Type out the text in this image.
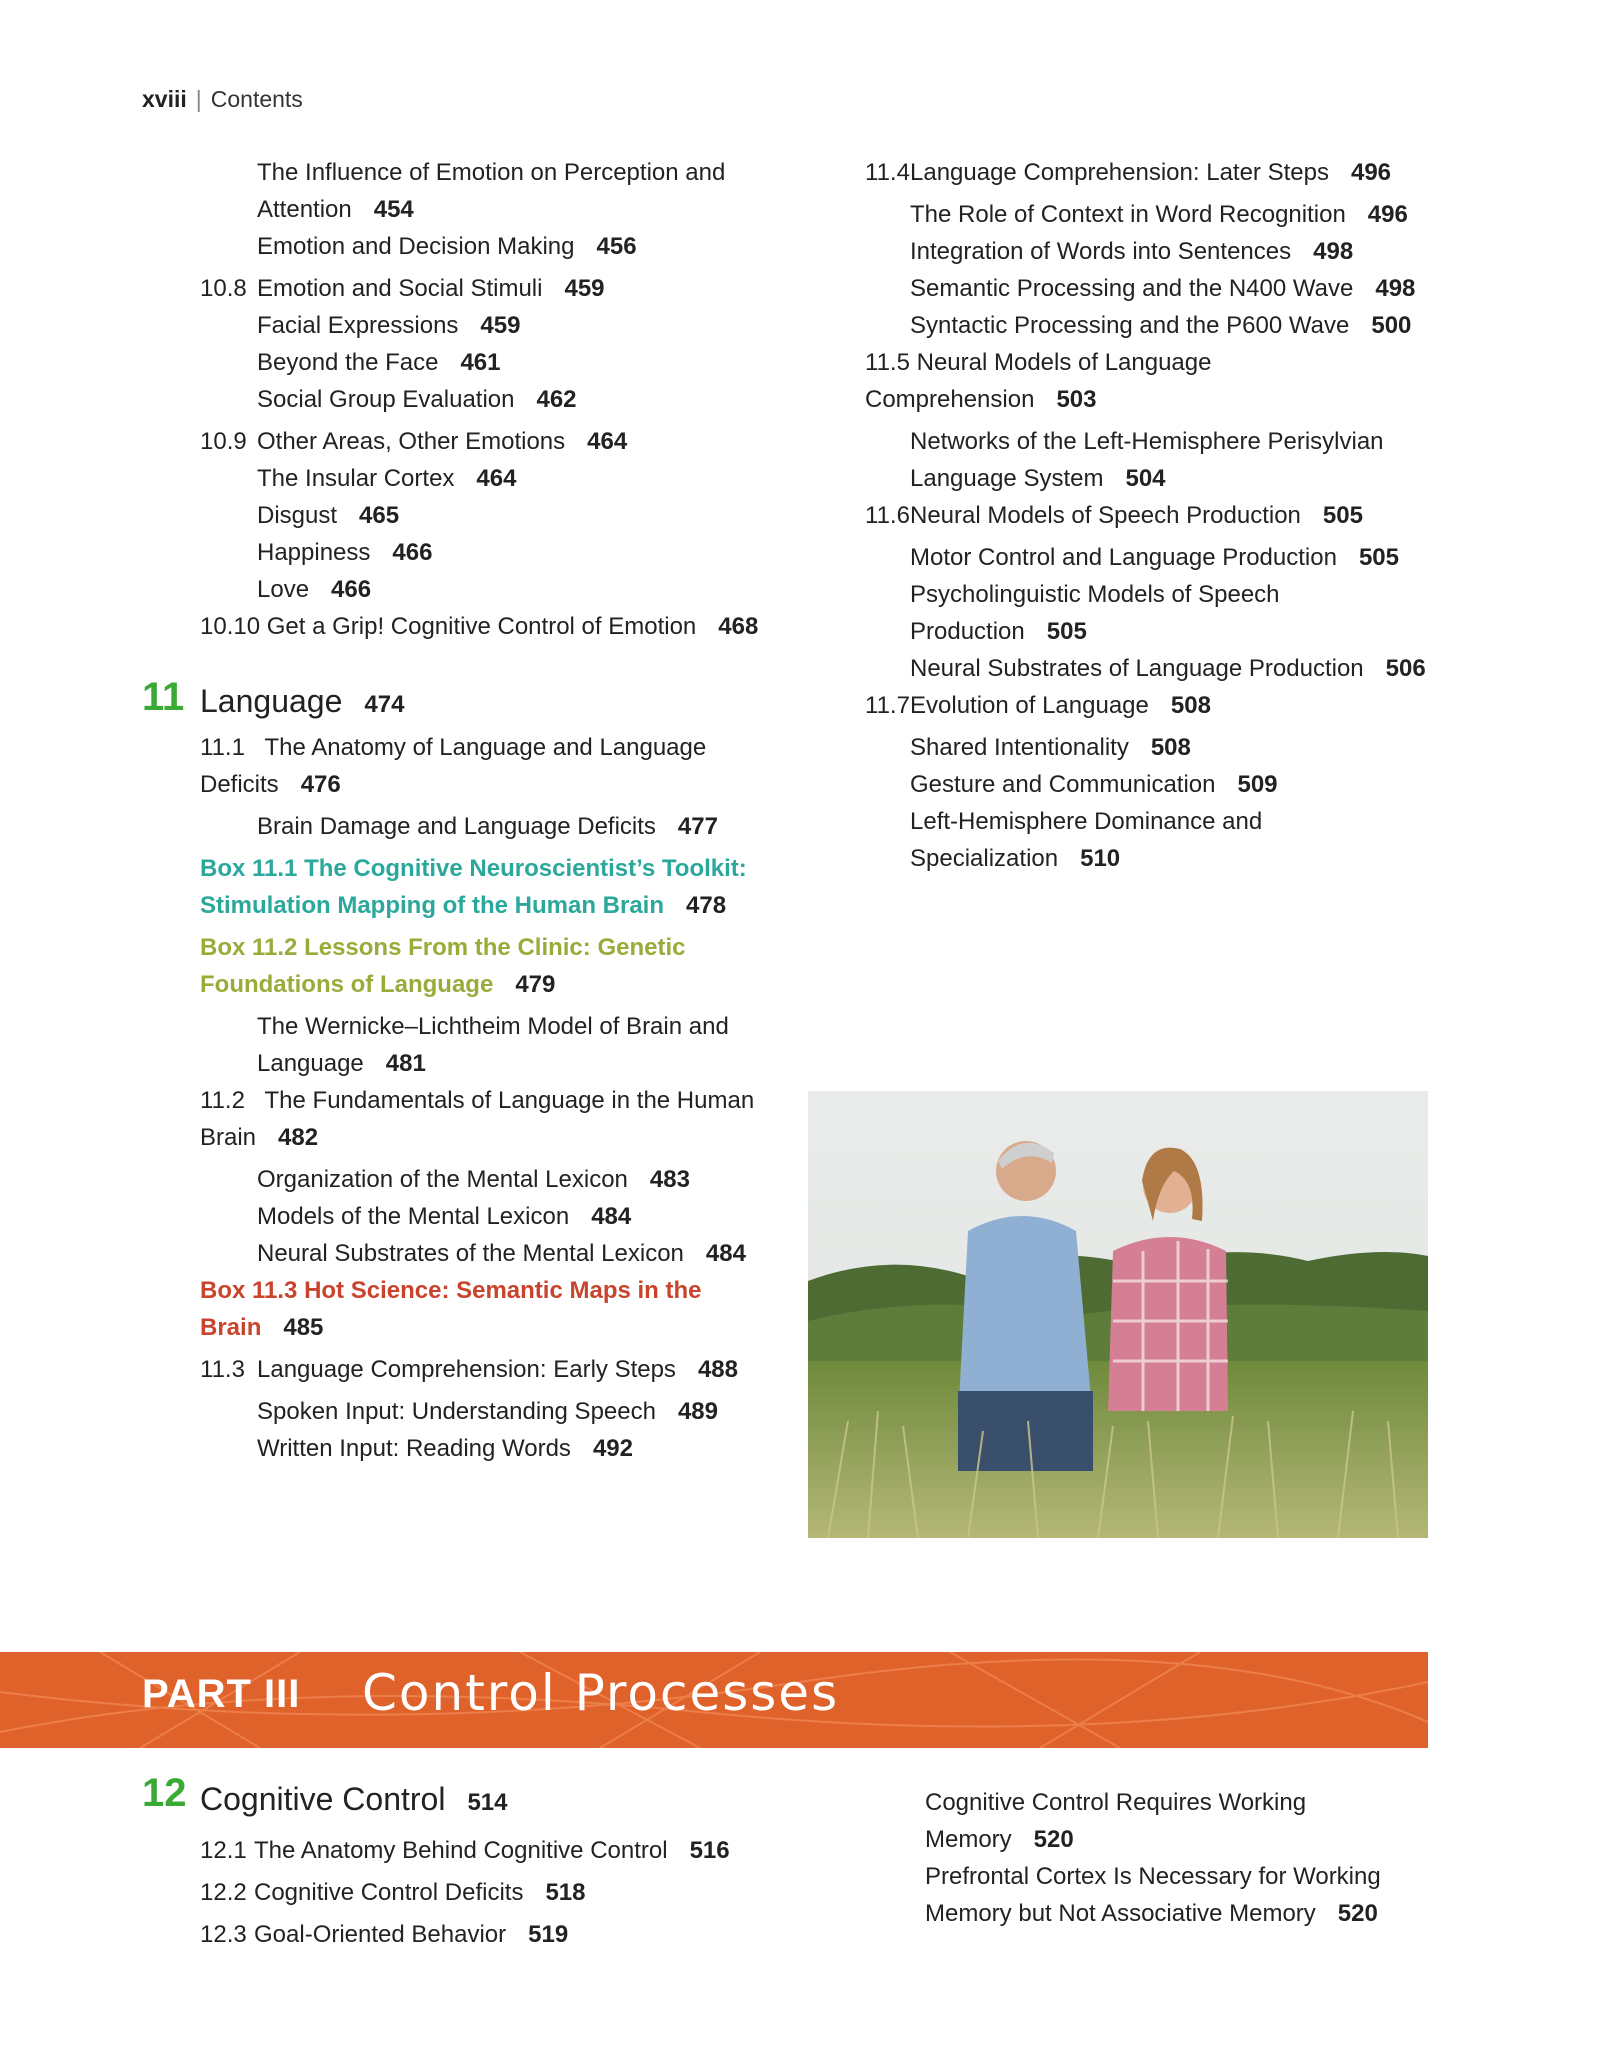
xviii | Contents
The Influence of Emotion on Perception and Attention 454
Emotion and Decision Making 456
10.8 Emotion and Social Stimuli 459
Facial Expressions 459
Beyond the Face 461
Social Group Evaluation 462
10.9 Other Areas, Other Emotions 464
The Insular Cortex 464
Disgust 465
Happiness 466
Love 466
10.10 Get a Grip! Cognitive Control of Emotion 468
11 Language 474
11.1 The Anatomy of Language and Language Deficits 476
Brain Damage and Language Deficits 477
Box 11.1 The Cognitive Neuroscientist’s Toolkit: Stimulation Mapping of the Human Brain 478
Box 11.2 Lessons From the Clinic: Genetic Foundations of Language 479
The Wernicke–Lichtheim Model of Brain and Language 481
11.2 The Fundamentals of Language in the Human Brain 482
Organization of the Mental Lexicon 483
Models of the Mental Lexicon 484
Neural Substrates of the Mental Lexicon 484
Box 11.3 Hot Science: Semantic Maps in the Brain 485
11.3 Language Comprehension: Early Steps 488
Spoken Input: Understanding Speech 489
Written Input: Reading Words 492
11.4Language Comprehension: Later Steps 496
The Role of Context in Word Recognition 496
Integration of Words into Sentences 498
Semantic Processing and the N400 Wave 498
Syntactic Processing and the P600 Wave 500
11.5 Neural Models of Language Comprehension 503
Networks of the Left-Hemisphere Perisylvian Language System 504
11.6Neural Models of Speech Production 505
Motor Control and Language Production 505
Psycholinguistic Models of Speech Production 505
Neural Substrates of Language Production 506
11.7Evolution of Language 508
Shared Intentionality 508
Gesture and Communication 509
Left-Hemisphere Dominance and Specialization 510
PART III Control Processes
12 Cognitive Control 514
12.1 The Anatomy Behind Cognitive Control 516
12.2 Cognitive Control Deficits 518
12.3 Goal-Oriented Behavior 519
Cognitive Control Requires Working Memory 520
Prefrontal Cortex Is Necessary for Working Memory but Not Associative Memory 520
